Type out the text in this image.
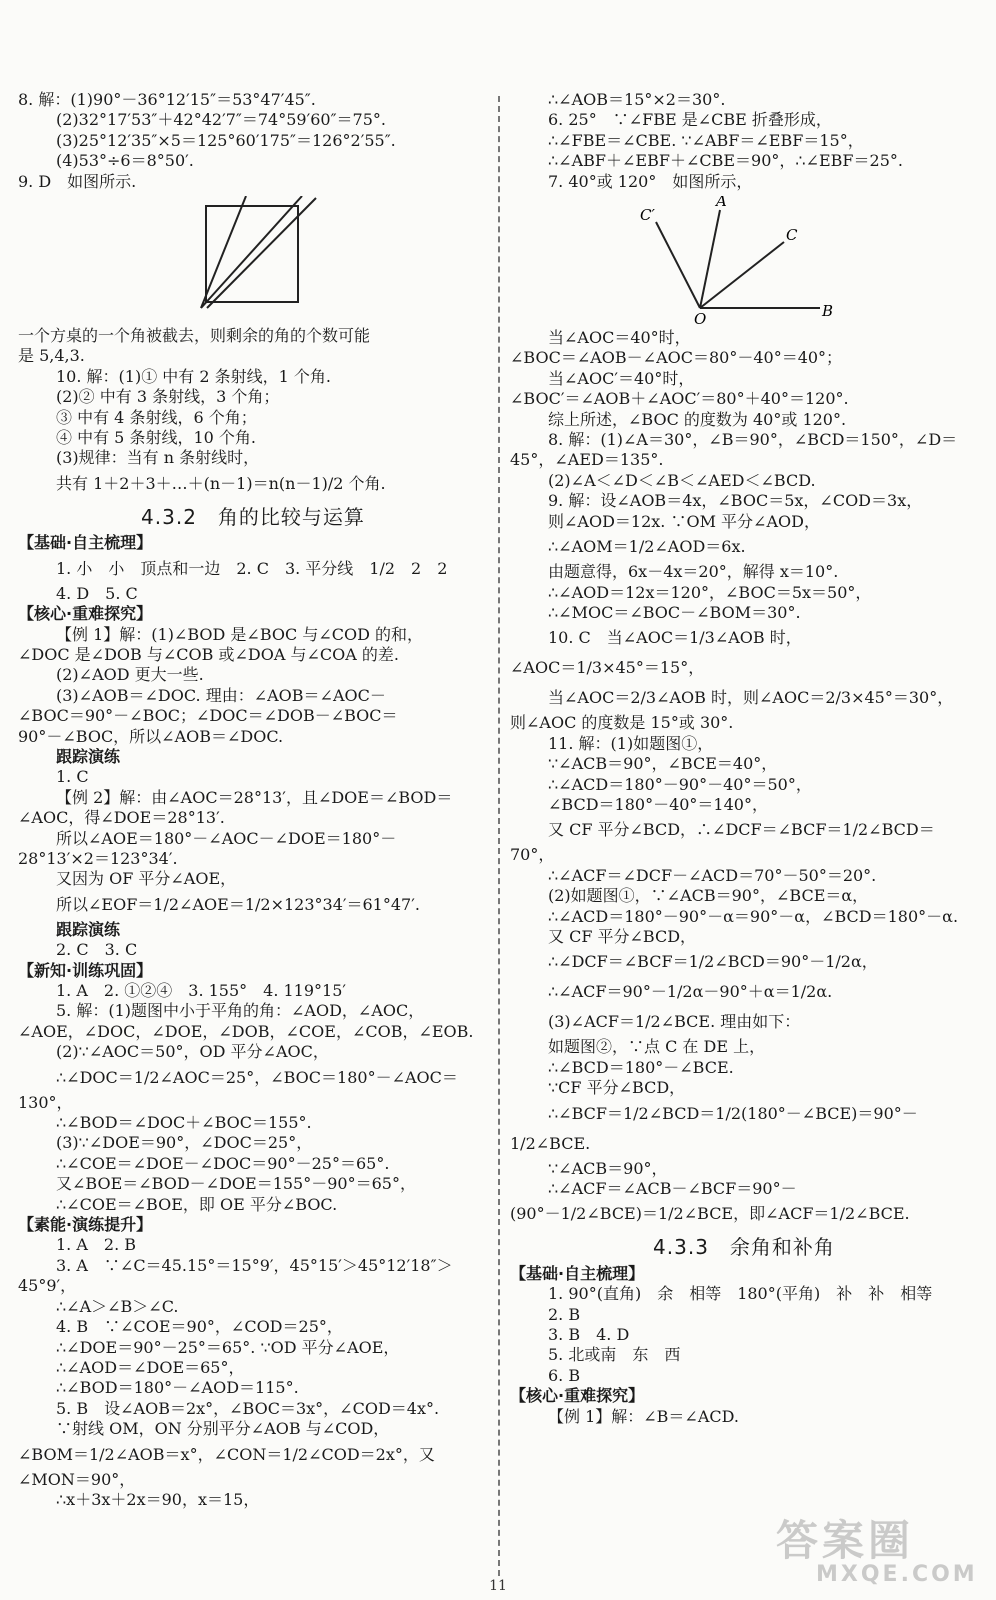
8. 解：(1)90°－36°12′15″＝53°47′45″.
(2)32°17′53″＋42°42′7″＝74°59′60″＝75°.
(3)25°12′35″×5＝125°60′175″＝126°2′55″.
(4)53°÷6＝8°50′.
9. D　如图所示.
一个方桌的一个角被截去，则剩余的角的个数可能
是 5,4,3.
10. 解：(1)① 中有 2 条射线，1 个角.
(2)② 中有 3 条射线，3 个角；
③ 中有 4 条射线，6 个角；
④ 中有 5 条射线，10 个角.
(3)规律：当有 n 条射线时，
共有 1＋2＋3＋…＋(n－1)＝n(n－1)/2 个角.
4.3.2　角的比较与运算
【基础·自主梳理】
1. 小　小　顶点和一边　2. C　3. 平分线　1/2　2　2
4. D　5. C
【核心·重难探究】
【例 1】解：(1)∠BOD 是∠BOC 与∠COD 的和，
∠DOC 是∠DOB 与∠COB 或∠DOA 与∠COA 的差.
(2)∠AOD 更大一些.
(3)∠AOB＝∠DOC. 理由：∠AOB＝∠AOC－
∠BOC＝90°－∠BOC；∠DOC＝∠DOB－∠BOC＝
90°－∠BOC，所以∠AOB＝∠DOC.
跟踪演练
1. C
【例 2】解：由∠AOC＝28°13′，且∠DOE＝∠BOD＝
∠AOC，得∠DOE＝28°13′.
所以∠AOE＝180°－∠AOC－∠DOE＝180°－
28°13′×2＝123°34′.
又因为 OF 平分∠AOE，
所以∠EOF＝1/2∠AOE＝1/2×123°34′＝61°47′.
跟踪演练
2. C　3. C
【新知·训练巩固】
1. A　2. ①②④　3. 155°　4. 119°15′
5. 解：(1)题图中小于平角的角：∠AOD，∠AOC，
∠AOE，∠DOC，∠DOE，∠DOB，∠COE，∠COB，∠EOB.
(2)∵∠AOC＝50°，OD 平分∠AOC，
∴∠DOC＝1/2∠AOC＝25°，∠BOC＝180°－∠AOC＝
130°，
∴∠BOD＝∠DOC＋∠BOC＝155°.
(3)∵∠DOE＝90°，∠DOC＝25°，
∴∠COE＝∠DOE－∠DOC＝90°－25°＝65°.
又∠BOE＝∠BOD－∠DOE＝155°－90°＝65°，
∴∠COE＝∠BOE，即 OE 平分∠BOC.
【素能·演练提升】
1. A　2. B
3. A　∵∠C＝45.15°＝15°9′，45°15′＞45°12′18″＞
45°9′，
∴∠A＞∠B＞∠C.
4. B　∵∠COE＝90°，∠COD＝25°，
∴∠DOE＝90°－25°＝65°. ∵OD 平分∠AOE，
∴∠AOD＝∠DOE＝65°，
∴∠BOD＝180°－∠AOD＝115°.
5. B　设∠AOB＝2x°，∠BOC＝3x°，∠COD＝4x°.
∵射线 OM，ON 分别平分∠AOB 与∠COD，
∠BOM＝1/2∠AOB＝x°，∠CON＝1/2∠COD＝2x°，又
∠MON＝90°，
∴x＋3x＋2x＝90，x＝15，
∴∠AOB＝15°×2＝30°.
6. 25°　∵∠FBE 是∠CBE 折叠形成，
∴∠FBE＝∠CBE. ∵∠ABF＝∠EBF＝15°，
∴∠ABF＋∠EBF＋∠CBE＝90°，∴∠EBF＝25°.
7. 40°或 120°　如图所示，
A
C
C′
O	B
当∠AOC＝40°时，
∠BOC＝∠AOB－∠AOC＝80°－40°＝40°；
当∠AOC′＝40°时，
∠BOC′＝∠AOB＋∠AOC′＝80°＋40°＝120°.
综上所述，∠BOC 的度数为 40°或 120°.
8. 解：(1)∠A＝30°，∠B＝90°，∠BCD＝150°，∠D＝
45°，∠AED＝135°.
(2)∠A＜∠D＜∠B＜∠AED＜∠BCD.
9. 解：设∠AOB＝4x，∠BOC＝5x，∠COD＝3x，
则∠AOD＝12x. ∵OM 平分∠AOD，
∴∠AOM＝1/2∠AOD＝6x.
由题意得，6x－4x＝20°，解得 x＝10°.
∴∠AOD＝12x＝120°，∠BOC＝5x＝50°，
∴∠MOC＝∠BOC－∠BOM＝30°.
10. C　当∠AOC＝1/3∠AOB 时，
∠AOC＝1/3×45°＝15°，
当∠AOC＝2/3∠AOB 时，则∠AOC＝2/3×45°＝30°，
则∠AOC 的度数是 15°或 30°.
11. 解：(1)如题图①，
∵∠ACB＝90°，∠BCE＝40°，
∴∠ACD＝180°－90°－40°＝50°，
∠BCD＝180°－40°＝140°，
又 CF 平分∠BCD，∴∠DCF＝∠BCF＝1/2∠BCD＝
70°，
∴∠ACF＝∠DCF－∠ACD＝70°－50°＝20°.
(2)如题图①，∵∠ACB＝90°，∠BCE＝α，
∴∠ACD＝180°－90°－α＝90°－α，∠BCD＝180°－α.
又 CF 平分∠BCD，
∴∠DCF＝∠BCF＝1/2∠BCD＝90°－1/2α，
∴∠ACF＝90°－1/2α－90°＋α＝1/2α.
(3)∠ACF＝1/2∠BCE. 理由如下：
如题图②，∵点 C 在 DE 上，
∴∠BCD＝180°－∠BCE.
∵CF 平分∠BCD，
∴∠BCF＝1/2∠BCD＝1/2(180°－∠BCE)＝90°－
1/2∠BCE.
∵∠ACB＝90°，
∴∠ACF＝∠ACB－∠BCF＝90°－
(90°－1/2∠BCE)＝1/2∠BCE，即∠ACF＝1/2∠BCE.
4.3.3　余角和补角
【基础·自主梳理】
1. 90°(直角)　余　相等　180°(平角)　补　补　相等
2. B
3. B　4. D
5. 北或南　东　西
6. B
【核心·重难探究】
【例 1】解：∠B＝∠ACD.
11
答案圈
MXQE.COM
